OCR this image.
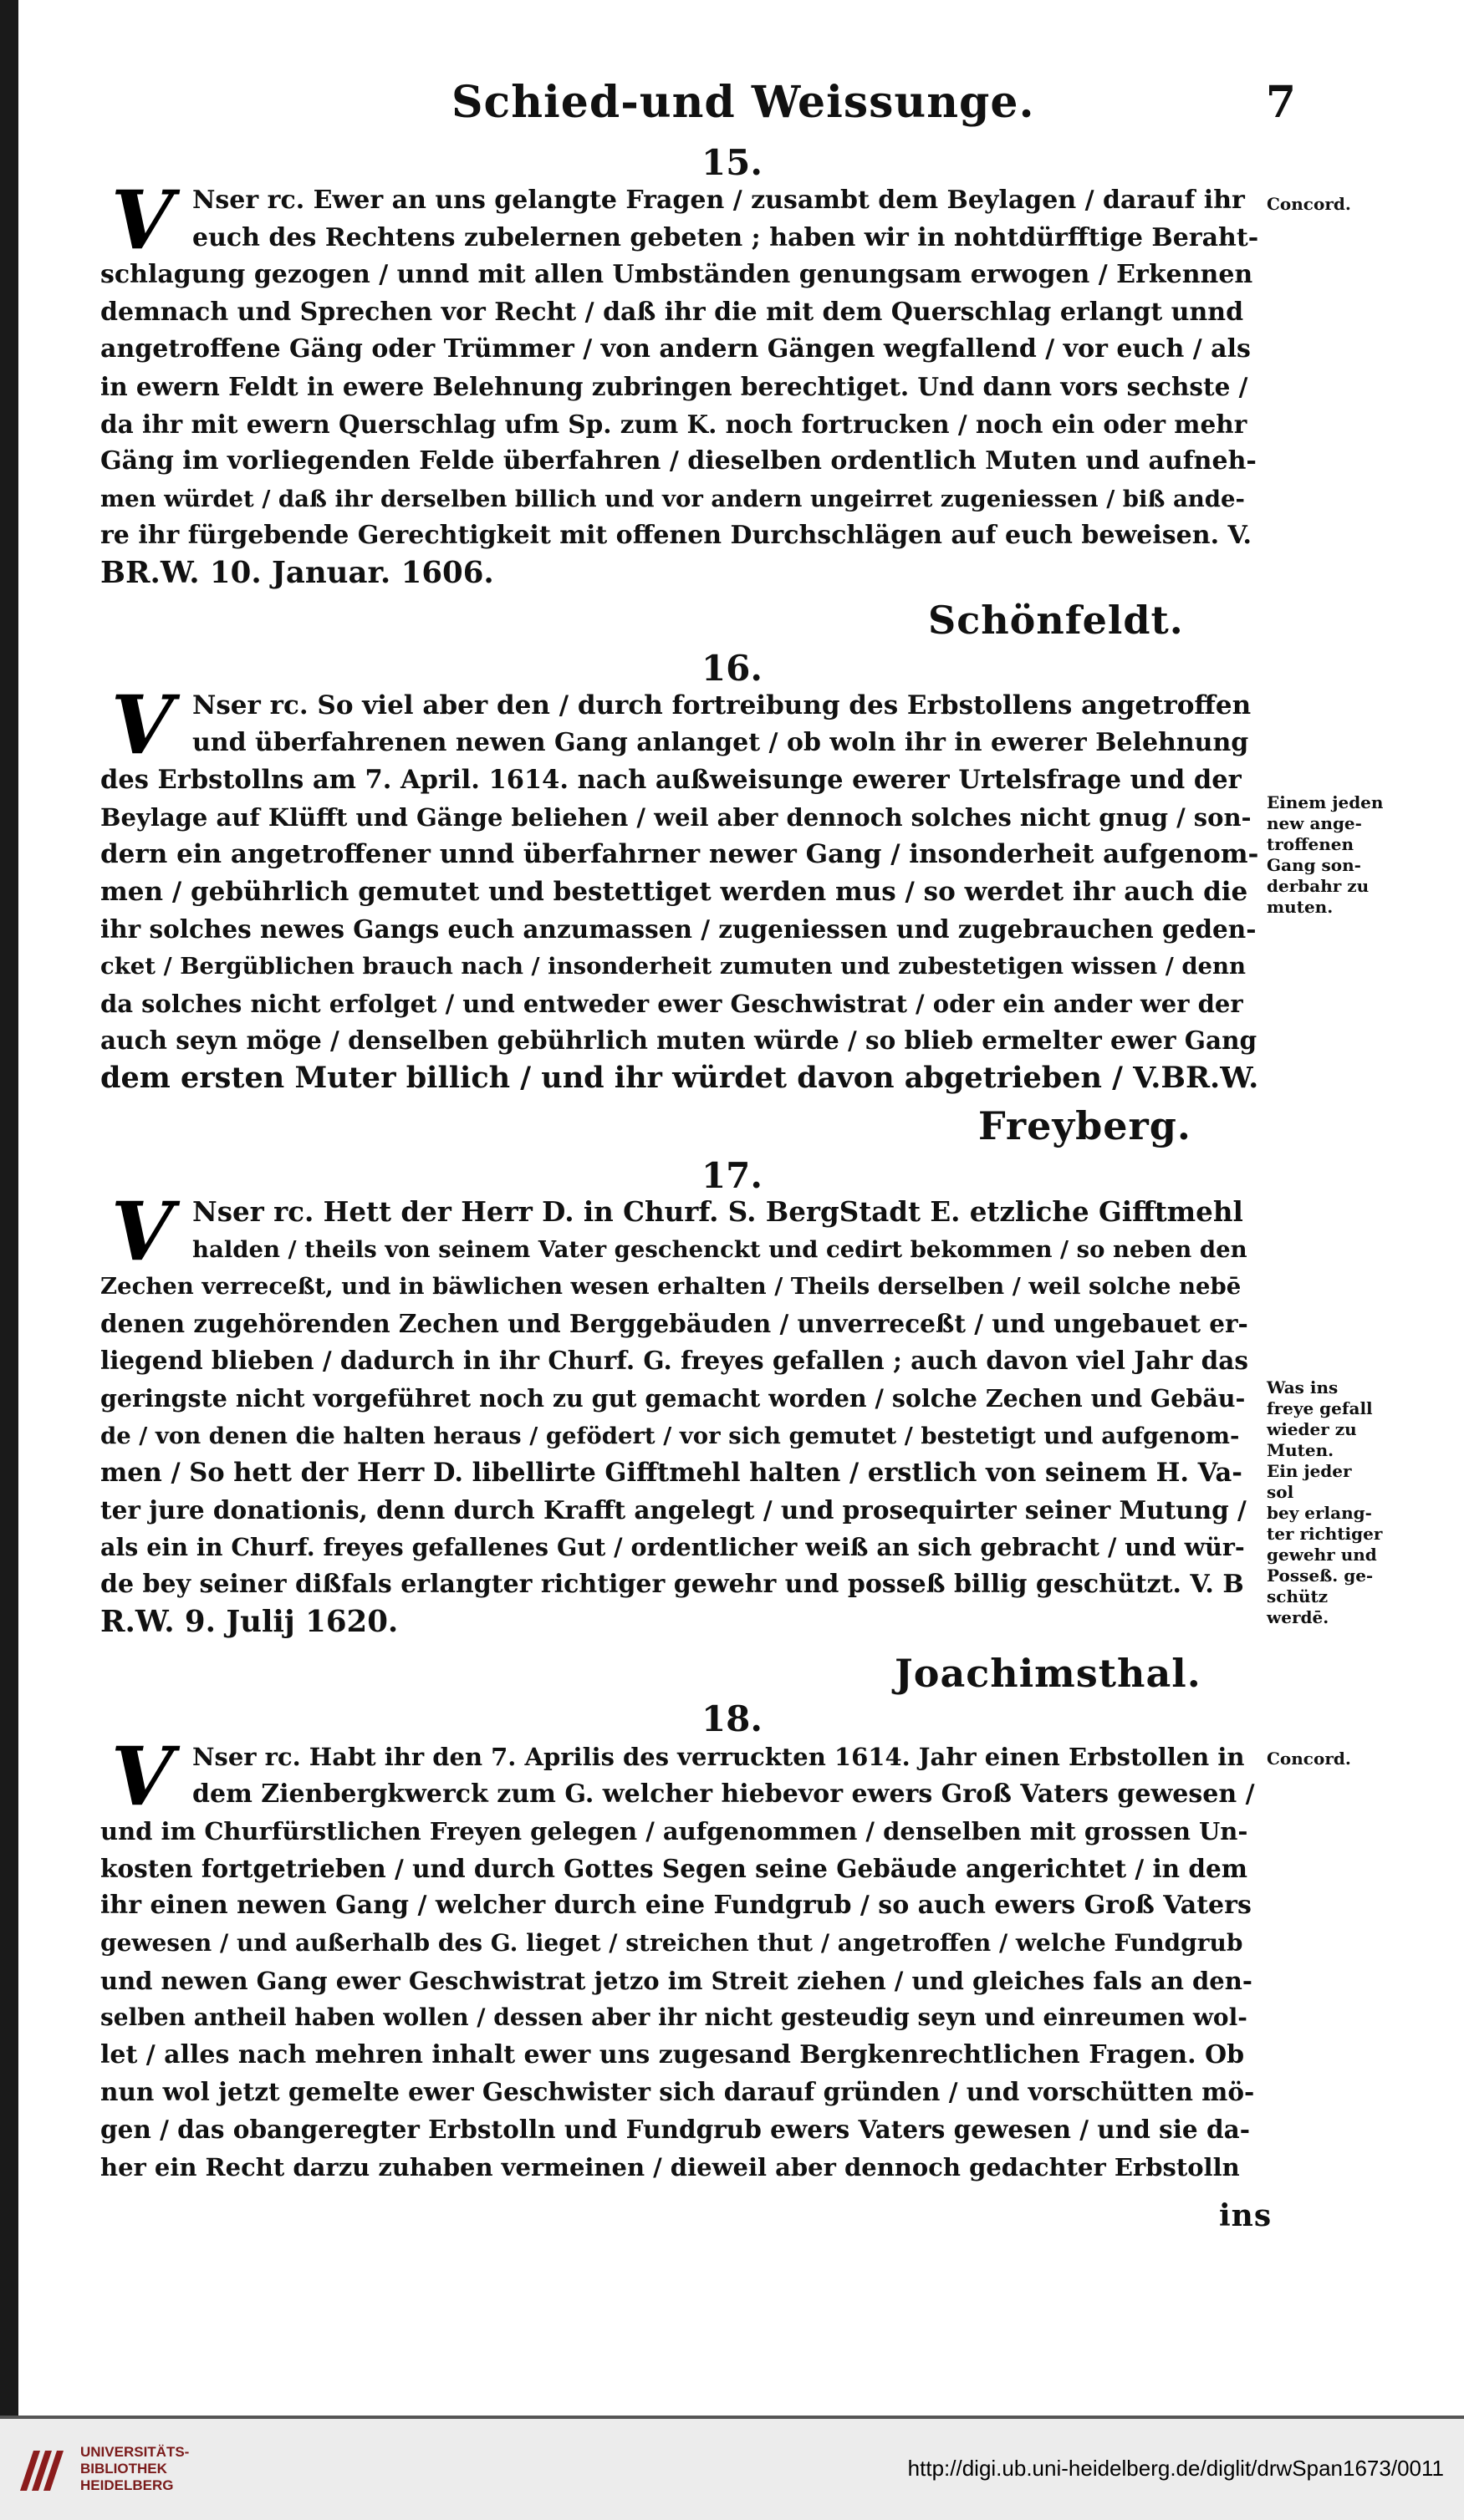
Schied-und Weissunge.	7
15.
V Nser rc. Ewer an uns gelangte Fragen / zusambt dem Beylagen / darauf ihr
euch des Rechtens zubelernen gebeten ; haben wir in nohtdürfftige Beraht-
schlagung gezogen / unnd mit allen Umbständen genungsam erwogen / Erkennen
demnach und Sprechen vor Recht / daß ihr die mit dem Querschlag erlangt unnd
angetroffene Gäng oder Trümmer / von andern Gängen wegfallend / vor euch / als
in ewern Feldt in ewere Belehnung zubringen berechtiget. Und dann vors sechste /
da ihr mit ewern Querschlag ufm Sp. zum K. noch fortrucken / noch ein oder mehr
Gäng im vorliegenden Felde überfahren / dieselben ordentlich Muten und aufneh-
men würdet / daß ihr derselben billich und vor andern ungeirret zugeniessen / biß ande-
re ihr fürgebende Gerechtigkeit mit offenen Durchschlägen auf euch beweisen. V.
BR.W. 10. Januar. 1606.
Schönfeldt.
Concord.
16.
V Nser rc. So viel aber den / durch fortreibung des Erbstollens angetroffen
und überfahrenen newen Gang anlanget / ob woln ihr in ewerer Belehnung
des Erbstollns am 7. April. 1614. nach außweisunge ewerer Urtelsfrage und der
Beylage auf Klüfft und Gänge beliehen / weil aber dennoch solches nicht gnug / son-
dern ein angetroffener unnd überfahrner newer Gang / insonderheit aufgenom-
men / gebührlich gemutet und bestettiget werden mus / so werdet ihr auch die
ihr solches newes Gangs euch anzumassen / zugeniessen und zugebrauchen geden-
cket / Bergüblichen brauch nach / insonderheit zumuten und zubestetigen wissen / denn
da solches nicht erfolget / und entweder ewer Geschwistrat / oder ein ander wer der
auch seyn möge / denselben gebührlich muten würde / so blieb ermelter ewer Gang
dem ersten Muter billich / und ihr würdet davon abgetrieben / V.BR.W.
Freyberg.
Einem jeden
new ange-
troffenen
Gang son-
derbahr zu
muten.
17.
V Nser rc. Hett der Herr D. in Churf. S. BergStadt E. etzliche Gifftmehl
halden / theils von seinem Vater geschenckt und cedirt bekommen / so neben den
Zechen verreceßt, und in bäwlichen wesen erhalten / Theils derselben / weil solche nebē
denen zugehörenden Zechen und Berggebäuden / unverreceßt / und ungebauet er-
liegend blieben / dadurch in ihr Churf. G. freyes gefallen ; auch davon viel Jahr das
geringste nicht vorgeführet noch zu gut gemacht worden / solche Zechen und Gebäu-
de / von denen die halten heraus / gefödert / vor sich gemutet / bestetigt und aufgenom-
men / So hett der Herr D. libellirte Gifftmehl halten / erstlich von seinem H. Va-
ter jure donationis, denn durch Krafft angelegt / und prosequirter seiner Mutung /
als ein in Churf. freyes gefallenes Gut / ordentlicher weiß an sich gebracht / und wür-
de bey seiner dißfals erlangter richtiger gewehr und posseß billig geschützt. V. B
R.W. 9. Julij 1620.
Joachimsthal.
Was ins
freye gefall
wieder zu
Muten.
Ein jeder sol
bey erlang-
ter richtiger
gewehr und
Posseß. ge-
schütz werdē.
18.
V Nser rc. Habt ihr den 7. Aprilis des verruckten 1614. Jahr einen Erbstollen in
dem Zienbergkwerck zum G. welcher hiebevor ewers Groß Vaters gewesen /
und im Churfürstlichen Freyen gelegen / aufgenommen / denselben mit grossen Un-
kosten fortgetrieben / und durch Gottes Segen seine Gebäude angerichtet / in dem
ihr einen newen Gang / welcher durch eine Fundgrub / so auch ewers Groß Vaters
gewesen / und außerhalb des G. lieget / streichen thut / angetroffen / welche Fundgrub
und newen Gang ewer Geschwistrat jetzo im Streit ziehen / und gleiches fals an den-
selben antheil haben wollen / dessen aber ihr nicht gesteudig seyn und einreumen wol-
let / alles nach mehren inhalt ewer uns zugesand Bergkenrechtlichen Fragen. Ob
nun wol jetzt gemelte ewer Geschwister sich darauf gründen / und vorschütten mö-
gen / das obangeregter Erbstolln und Fundgrub ewers Vaters gewesen / und sie da-
her ein Recht darzu zuhaben vermeinen / dieweil aber dennoch gedachter Erbstolln
ins
Concord.
UNIVERSITÄTS-
BIBLIOTHEK
HEIDELBERG
http://digi.ub.uni-heidelberg.de/diglit/drwSpan1673/0011
